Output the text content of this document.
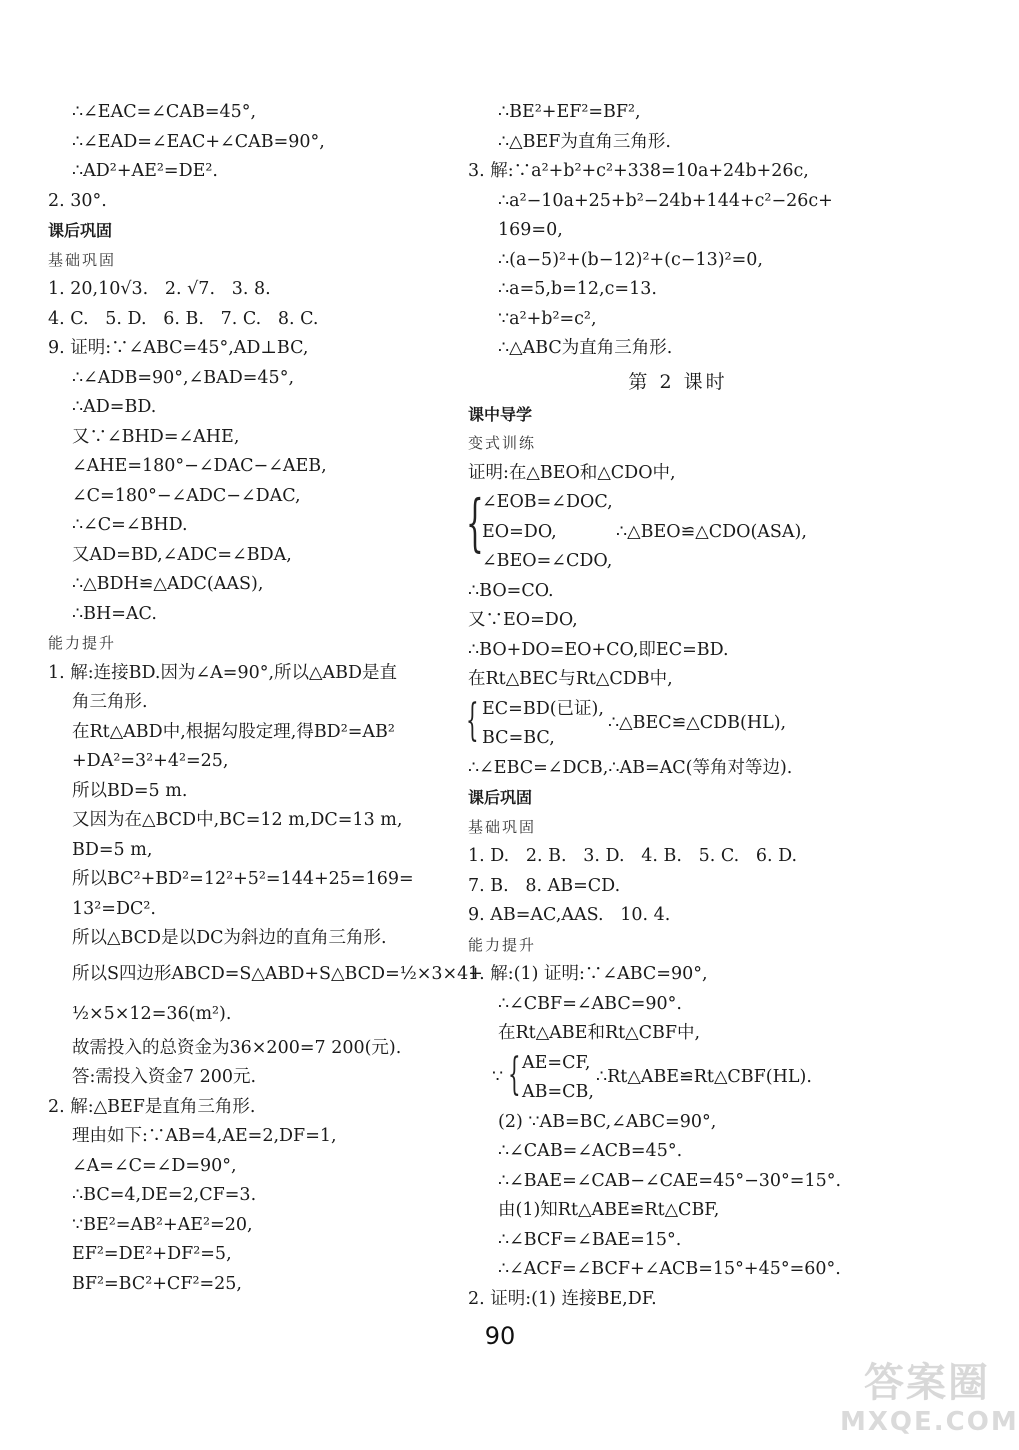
∴∠EAC=∠CAB=45°,
∴∠EAD=∠EAC+∠CAB=90°,
∴AD²+AE²=DE².
2. 30°.
课后巩固
基础巩固
1. 20,10√3.   2. √7.   3. 8.
4. C.   5. D.   6. B.   7. C.   8. C.
9. 证明:∵∠ABC=45°,AD⊥BC,
∴∠ADB=90°,∠BAD=45°,
∴AD=BD.
又∵∠BHD=∠AHE,
∠AHE=180°−∠DAC−∠AEB,
∠C=180°−∠ADC−∠DAC,
∴∠C=∠BHD.
又AD=BD,∠ADC=∠BDA,
∴△BDH≌△ADC(AAS),
∴BH=AC.
能力提升
1. 解:连接BD.因为∠A=90°,所以△ABD是直
角三角形.
在Rt△ABD中,根据勾股定理,得BD²=AB²
+DA²=3²+4²=25,
所以BD=5 m.
又因为在△BCD中,BC=12 m,DC=13 m,
BD=5 m,
所以BC²+BD²=12²+5²=144+25=169=
13²=DC².
所以△BCD是以DC为斜边的直角三角形.
所以S四边形ABCD=S△ABD+S△BCD=½×3×4+
½×5×12=36(m²).
故需投入的总资金为36×200=7 200(元).
答:需投入资金7 200元.
2. 解:△BEF是直角三角形.
理由如下:∵AB=4,AE=2,DF=1,
∠A=∠C=∠D=90°,
∴BC=4,DE=2,CF=3.
∵BE²=AB²+AE²=20,
EF²=DE²+DF²=5,
BF²=BC²+CF²=25,
∴BE²+EF²=BF²,
∴△BEF为直角三角形.
3. 解:∵a²+b²+c²+338=10a+24b+26c,
∴a²−10a+25+b²−24b+144+c²−26c+
169=0,
∴(a−5)²+(b−12)²+(c−13)²=0,
∴a=5,b=12,c=13.
∵a²+b²=c²,
∴△ABC为直角三角形.
第 2 课时
课中导学
变式训练
证明:在△BEO和△CDO中,
{
∠EOB=∠DOC,
EO=DO,
∠BEO=∠CDO,
∴△BEO≌△CDO(ASA),
∴BO=CO.
又∵EO=DO,
∴BO+DO=EO+CO,即EC=BD.
在Rt△BEC与Rt△CDB中,
{ EC=BD(已证),
BC=BC,
∴△BEC≌△CDB(HL),
∴∠EBC=∠DCB,∴AB=AC(等角对等边).
课后巩固
基础巩固
1. D.   2. B.   3. D.   4. B.   5. C.   6. D.
7. B.   8. AB=CD.
9. AB=AC,AAS.   10. 4.
能力提升
1. 解:(1) 证明:∵∠ABC=90°,
∴∠CBF=∠ABC=90°.
在Rt△ABE和Rt△CBF中,
∵ { AE=CF,
AB=CB,
∴Rt△ABE≌Rt△CBF(HL).
(2) ∵AB=BC,∠ABC=90°,
∴∠CAB=∠ACB=45°.
∴∠BAE=∠CAB−∠CAE=45°−30°=15°.
由(1)知Rt△ABE≌Rt△CBF,
∴∠BCF=∠BAE=15°.
∴∠ACF=∠BCF+∠ACB=15°+45°=60°.
2. 证明:(1) 连接BE,DF.
90
答案圈
MXQE.COM
